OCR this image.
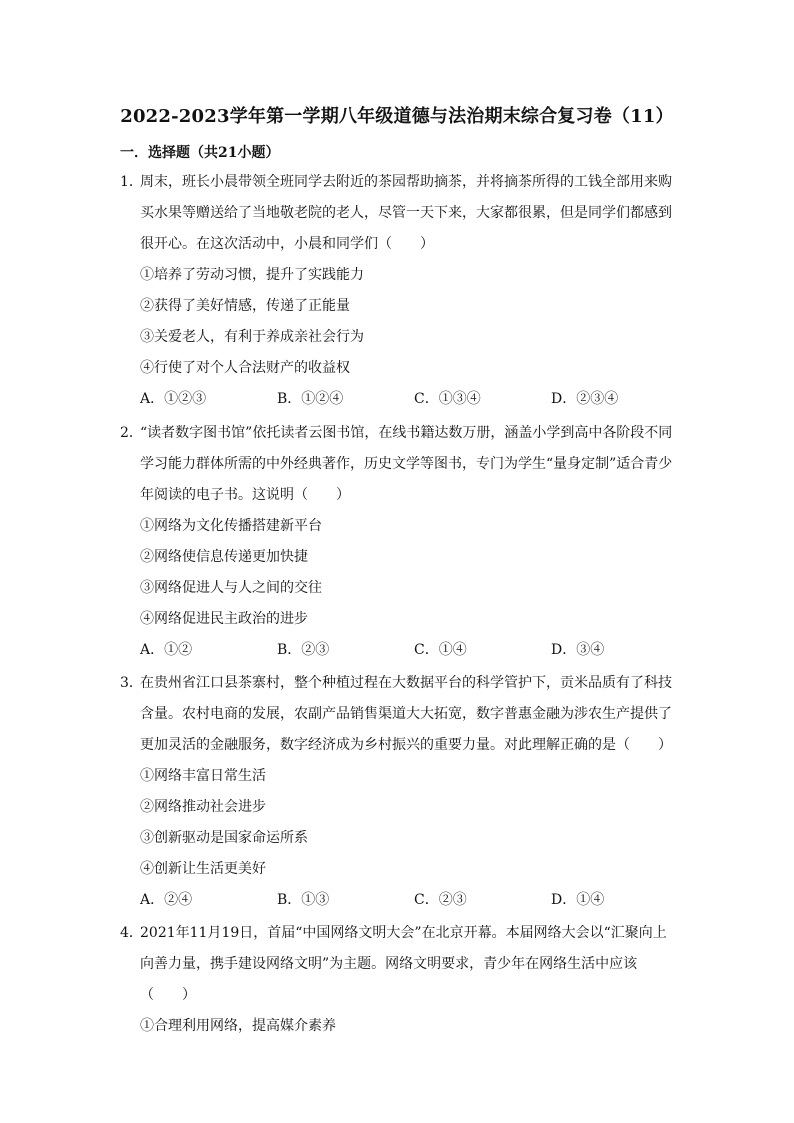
2022-2023学年第一学期八年级道德与法治期末综合复习卷（11）
一．选择题（共21小题）

1．周末，班长小晨带领全班同学去附近的茶园帮助摘茶，并将摘茶所得的工钱全部用来购买水果等赠送给了当地敬老院的老人，尽管一天下来，大家都很累，但是同学们都感到很开心。在这次活动中，小晨和同学们（　　）

①培养了劳动习惯，提升了实践能力

②获得了美好情感，传递了正能量

③关爱老人，有利于养成亲社会行为

④行使了对个人合法财产的收益权

A．①②③	B．①②④	C．①③④	D．②③④

2．“读者数字图书馆”依托读者云图书馆，在线书籍达数万册，涵盖小学到高中各阶段不同学习能力群体所需的中外经典著作，历史文学等图书，专门为学生“量身定制”适合青少年阅读的电子书。这说明（　　）

①网络为文化传播搭建新平台

②网络使信息传递更加快捷

③网络促进人与人之间的交往

④网络促进民主政治的进步

A．①②	B．②③	C．①④	D．③④

3．在贵州省江口县茶寨村，整个种植过程在大数据平台的科学管护下，贡米品质有了科技含量。农村电商的发展，农副产品销售渠道大大拓宽，数字普惠金融为涉农生产提供了更加灵活的金融服务，数字经济成为乡村振兴的重要力量。对此理解正确的是（　　）

①网络丰富日常生活

②网络推动社会进步

③创新驱动是国家命运所系

④创新让生活更美好

A．②④	B．①③	C．②③	D．①④

4．2021年11月19日，首届“中国网络文明大会”在北京开幕。本届网络大会以“汇聚向上向善力量，携手建设网络文明”为主题。网络文明要求，青少年在网络生活中应该（　　）

①合理利用网络，提高媒介素养
